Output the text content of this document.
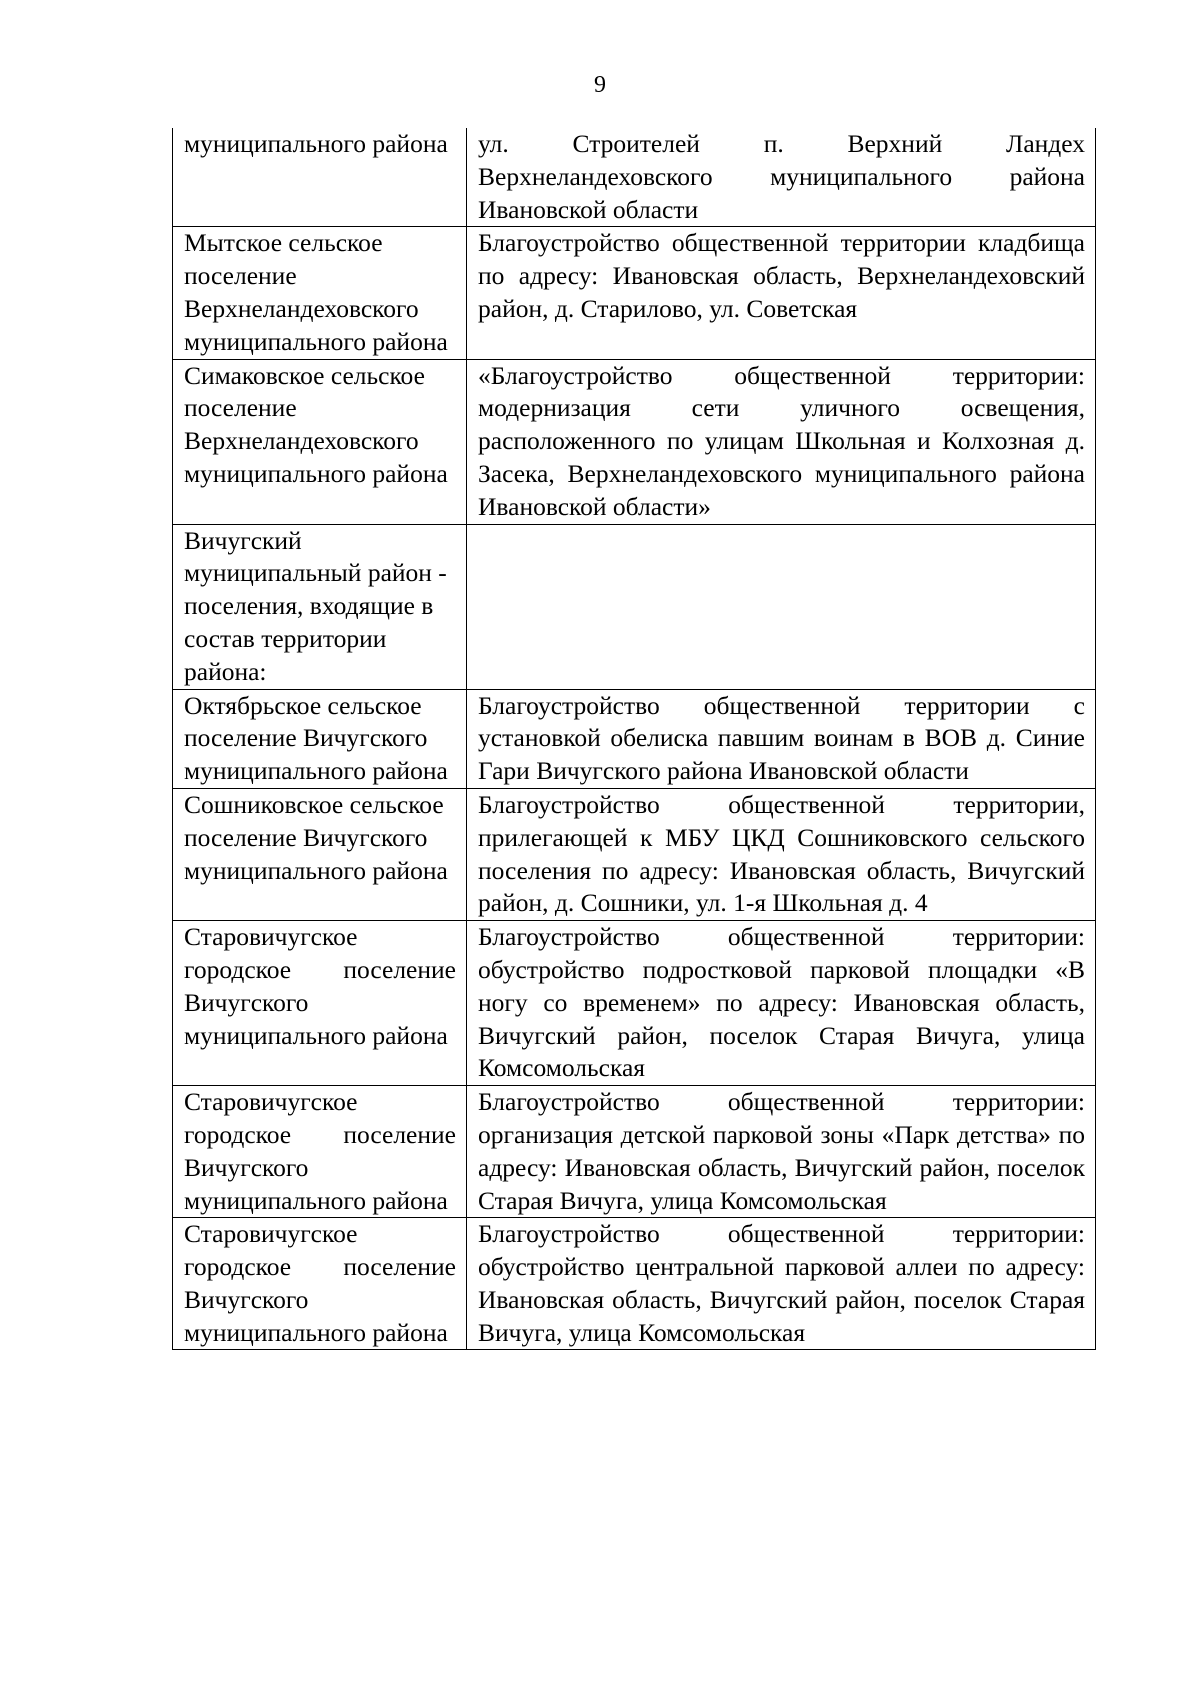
9
муниципального района	ул. Строителей п. Верхний Ландех Верхнеландеховского муниципального района Ивановской области
Мытское сельское поселение Верхнеландеховского муниципального района	Благоустройство общественной территории кладбища по адресу: Ивановская область, Верхнеландеховский район, д. Старилово, ул. Советская
Симаковское сельское поселение Верхнеландеховского муниципального района	«Благоустройство общественной территории: модернизация сети уличного освещения, расположенного по улицам Школьная и Колхозная д. Засека, Верхнеландеховского муниципального района Ивановской области»
Вичугский муниципальный район - поселения, входящие в состав территории района:	
Октябрьское сельское поселение Вичугского муниципального района	Благоустройство общественной территории с установкой обелиска павшим воинам в ВОВ д. Синие Гари Вичугского района Ивановской области
Сошниковское сельское поселение Вичугского муниципального района	Благоустройство общественной территории, прилегающей к МБУ ЦКД Сошниковского сельского поселения по адресу: Ивановская область, Вичугский район, д. Сошники, ул. 1-я Школьная д. 4
Старовичугское городское поселение Вичугского муниципального района	Благоустройство общественной территории: обустройство подростковой парковой площадки «В ногу со временем» по адресу: Ивановская область, Вичугский район, поселок Старая Вичуга, улица Комсомольская
Старовичугское городское поселение Вичугского муниципального района	Благоустройство общественной территории: организация детской парковой зоны «Парк детства» по адресу: Ивановская область, Вичугский район, поселок Старая Вичуга, улица Комсомольская
Старовичугское городское поселение Вичугского муниципального района	Благоустройство общественной территории: обустройство центральной парковой аллеи по адресу: Ивановская область, Вичугский район, поселок Старая Вичуга, улица Комсомольская
